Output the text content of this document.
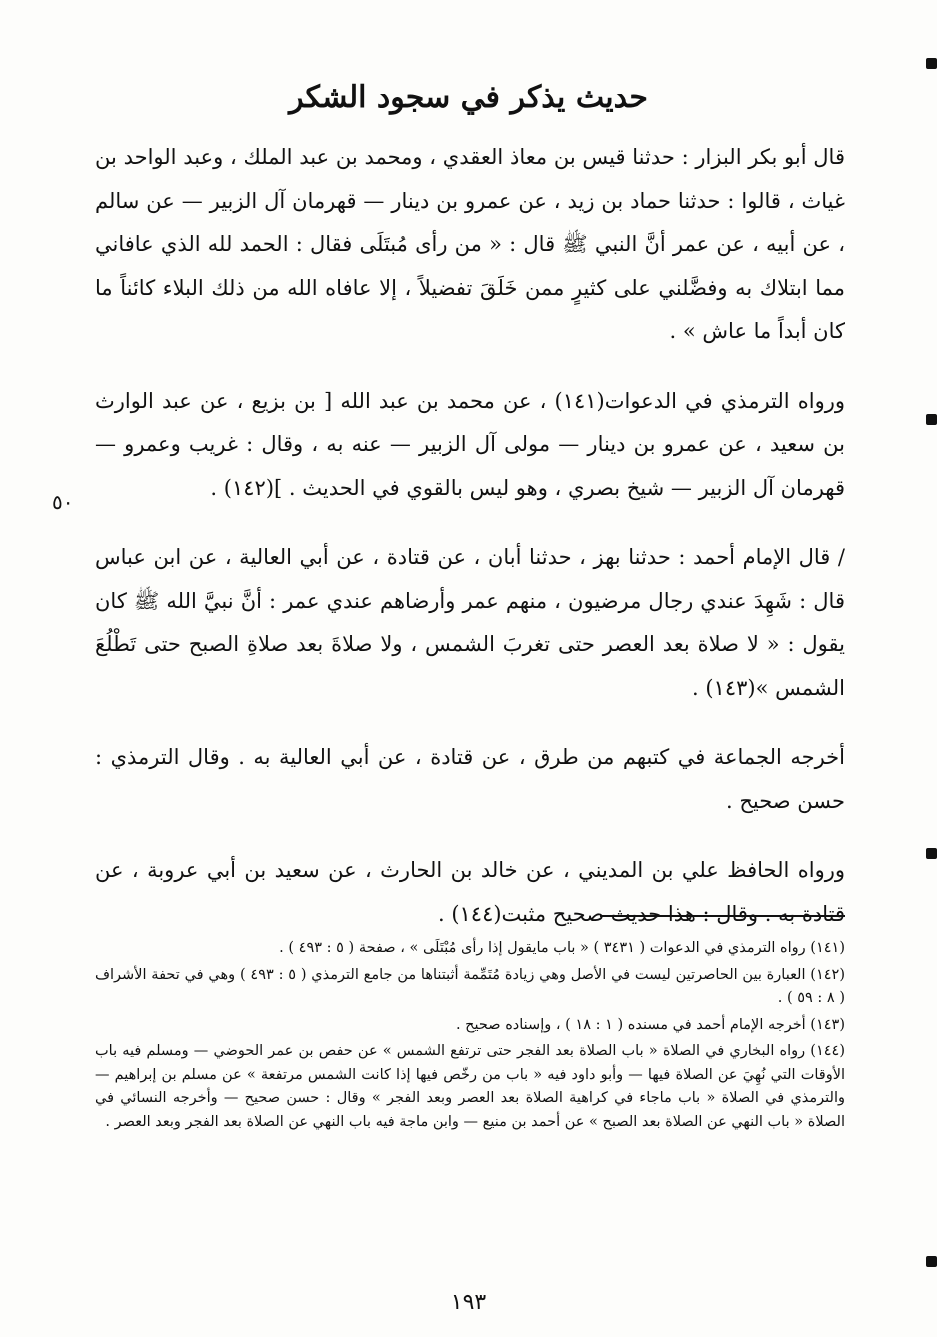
حديث يذكر في سجود الشكر

قال أبو بكر البزار : حدثنا قيس بن معاذ العقدي ، ومحمد بن عبد الملك ، وعبد الواحد بن غياث ، قالوا : حدثنا حماد بن زيد ، عن عمرو بن دينار — قهرمان آل الزبير — عن سالم ، عن أبيه ، عن عمر أنَّ النبي ﷺ قال : « من رأى مُبتَلَى فقال : الحمد لله الذي عافاني مما ابتلاك به وفضَّلني على كثيرٍ ممن خَلَقَ تفضيلاً ، إلا عافاه الله من ذلك البلاء كائناً ما كان أبداً ما عاش » .

ورواه الترمذي في الدعوات(١٤١) ، عن محمد بن عبد الله [ بن بزيع ، عن عبد الوارث بن سعيد ، عن عمرو بن دينار — مولى آل الزبير — عنه به ، وقال : غريب وعمرو — قهرمان آل الزبير — شيخ بصري ، وهو ليس بالقوي في الحديث . ](١٤٢) .

/ قال الإمام أحمد : حدثنا بهز ، حدثنا أبان ، عن قتادة ، عن أبي العالية ، عن ابن عباس قال : شَهِدَ عندي رجال مرضيون ، منهم عمر وأرضاهم عندي عمر : أنَّ نبيَّ الله ﷺ كان يقول : « لا صلاة بعد العصر حتى تغربَ الشمس ، ولا صلاةَ بعد صلاةِ الصبح حتى تَطْلُعَ الشمس »(١٤٣) .

أخرجه الجماعة في كتبهم من طرق ، عن قتادة ، عن أبي العالية به . وقال الترمذي : حسن صحيح .

ورواه الحافظ علي بن المديني ، عن خالد بن الحارث ، عن سعيد بن أبي عروبة ، عن قتادة به . وقال : هذا حديث صحيح مثبت(١٤٤) .

٥٠

(١٤١) رواه الترمذي في الدعوات ( ٣٤٣١ ) « باب مايقول إذا رأى مُبْتَلَى » ، صفحة ( ٥ : ٤٩٣ ) .

(١٤٢) العبارة بين الحاصرتين ليست في الأصل وهي زيادة مُتَمِّمة أثبتناها من جامع الترمذي ( ٥ : ٤٩٣ ) وهي في تحفة الأشراف ( ٨ : ٥٩ ) .

(١٤٣) أخرجه الإمام أحمد في مسنده ( ١ : ١٨ ) ، وإسناده صحيح .

(١٤٤) رواه البخاري في الصلاة « باب الصلاة بعد الفجر حتى ترتفع الشمس » عن حفص بن عمر الحوضي — ومسلم فيه باب الأوقات التي نُهِيَ عن الصلاة فيها — وأبو داود فيه « باب من رخّص فيها إذا كانت الشمس مرتفعة » عن مسلم بن إبراهيم — والترمذي في الصلاة « باب ماجاء في كراهية الصلاة بعد العصر وبعد الفجر » وقال : حسن صحيح — وأخرجه النسائي في الصلاة « باب النهي عن الصلاة بعد الصبح » عن أحمد بن منيع — وابن ماجة فيه باب النهي عن الصلاة بعد الفجر وبعد العصر .

١٩٣
